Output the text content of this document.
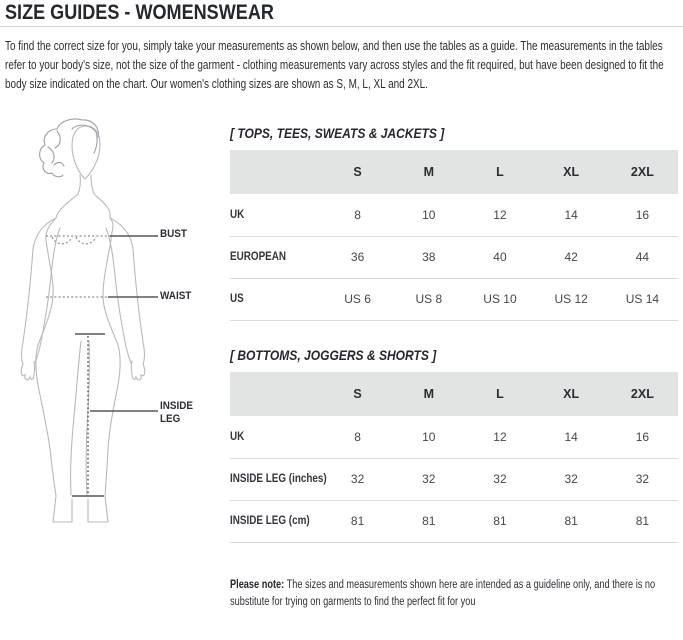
SIZE GUIDES - WOMENSWEAR

To find the correct size for you, simply take your measurements as shown below, and then use the tables as a guide. The measurements in the tables refer to your body's size, not the size of the garment - clothing measurements vary across styles and the fit required, but have been designed to fit the body size indicated on the chart. Our women's clothing sizes are shown as S, M, L, XL and 2XL.

BUST
WAIST
INSIDE LEG
[ TOPS, TEES, SWEATS & JACKETS ]
	S	M	L	XL	2XL
UK	8	10	12	14	16
EUROPEAN	36	38	40	42	44
US	US 6	US 8	US 10	US 12	US 14
[ BOTTOMS, JOGGERS & SHORTS ]
	S	M	L	XL	2XL
UK	8	10	12	14	16
INSIDE LEG (inches)	32	32	32	32	32
INSIDE LEG (cm)	81	81	81	81	81

Please note: The sizes and measurements shown here are intended as a guideline only, and there is no substitute for trying on garments to find the perfect fit for you
